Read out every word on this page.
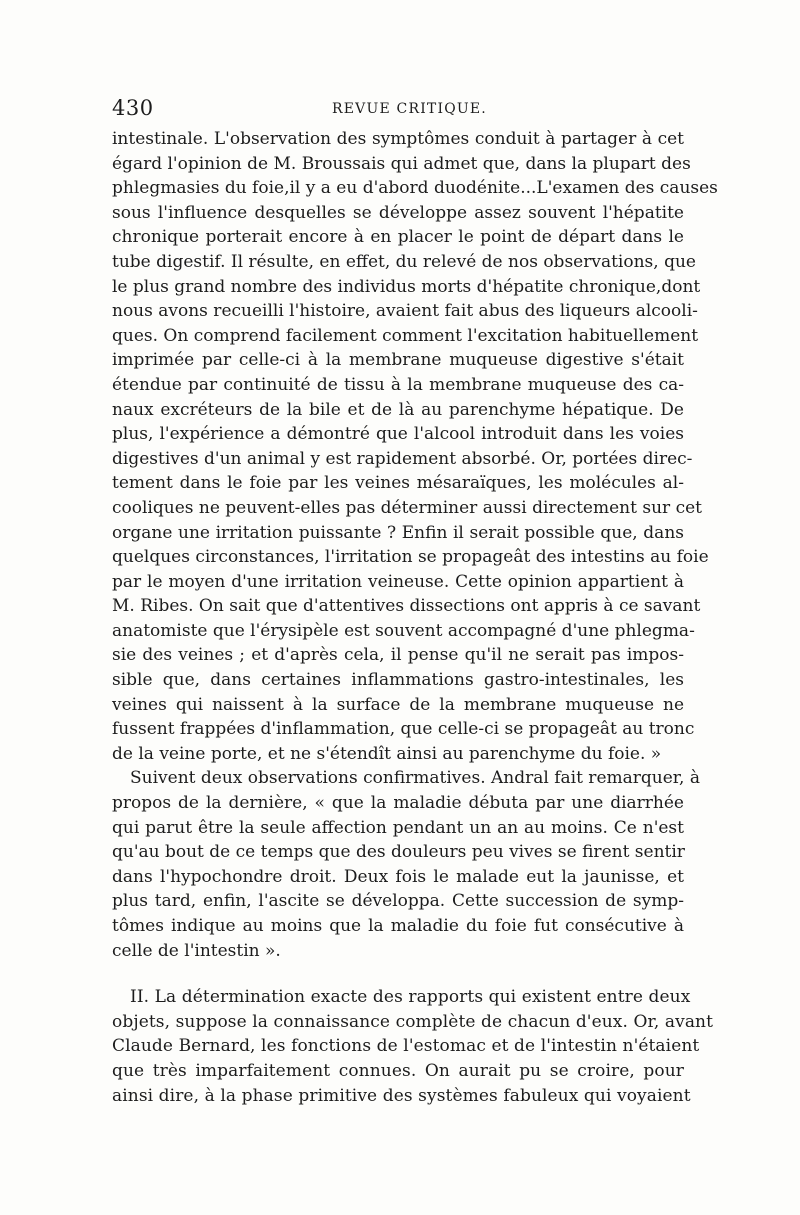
430	REVUE CRITIQUE.
intestinale. L'observation des symptômes conduit à partager à cet
égard l'opinion de M. Broussais qui admet que, dans la plupart des
phlegmasies du foie,il y a eu d'abord duodénite...L'examen des causes
sous l'influence desquelles se développe assez souvent l'hépatite
chronique porterait encore à en placer le point de départ dans le
tube digestif. Il résulte, en effet, du relevé de nos observations, que
le plus grand nombre des individus morts d'hépatite chronique,dont
nous avons recueilli l'histoire, avaient fait abus des liqueurs alcooli-
ques. On comprend facilement comment l'excitation habituellement
imprimée par celle-ci à la membrane muqueuse digestive s'était
étendue par continuité de tissu à la membrane muqueuse des ca-
naux excréteurs de la bile et de là au parenchyme hépatique. De
plus, l'expérience a démontré que l'alcool introduit dans les voies
digestives d'un animal y est rapidement absorbé. Or, portées direc-
tement dans le foie par les veines mésaraïques, les molécules al-
cooliques ne peuvent-elles pas déterminer aussi directement sur cet
organe une irritation puissante ? Enfin il serait possible que, dans
quelques circonstances, l'irritation se propageât des intestins au foie
par le moyen d'une irritation veineuse. Cette opinion appartient à
M. Ribes. On sait que d'attentives dissections ont appris à ce savant
anatomiste que l'érysipèle est souvent accompagné d'une phlegma-
sie des veines ; et d'après cela, il pense qu'il ne serait pas impos-
sible que, dans certaines inflammations gastro-intestinales, les
veines qui naissent à la surface de la membrane muqueuse ne
fussent frappées d'inflammation, que celle-ci se propageât au tronc
de la veine porte, et ne s'étendît ainsi au parenchyme du foie. »
Suivent deux observations confirmatives. Andral fait remarquer, à
propos de la dernière, « que la maladie débuta par une diarrhée
qui parut être la seule affection pendant un an au moins. Ce n'est
qu'au bout de ce temps que des douleurs peu vives se firent sentir
dans l'hypochondre droit. Deux fois le malade eut la jaunisse, et
plus tard, enfin, l'ascite se développa. Cette succession de symp-
tômes indique au moins que la maladie du foie fut consécutive à
celle de l'intestin ».
II. La détermination exacte des rapports qui existent entre deux
objets, suppose la connaissance complète de chacun d'eux. Or, avant
Claude Bernard, les fonctions de l'estomac et de l'intestin n'étaient
que très imparfaitement connues. On aurait pu se croire, pour
ainsi dire, à la phase primitive des systèmes fabuleux qui voyaient
